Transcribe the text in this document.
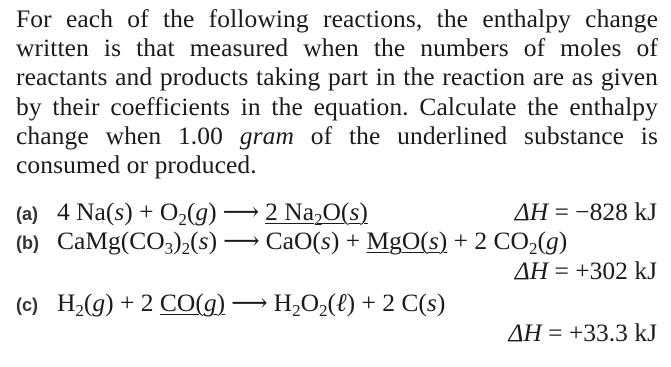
For each of the following reactions, the enthalpy change written is that measured when the numbers of moles of reactants and products taking part in the reaction are as given by their coefficients in the equation. Calculate the enthalpy change when 1.00 gram of the underlined substance is consumed or produced.
(a) 4 $Na(s) + O_2(g)$ ⟶ 2 $Na_2O(s)$	ΔH = −828 kJ
(b) $CaMg(CO_3)_2(s)$ ⟶ CaO(s) + MgO(s) + 2 $CO_2(g)$
ΔH = +302 kJ
(c) $H_2(g) + 2$ CO(g) ⟶ $H_2O_2(\ell) + 2$ C(s)
ΔH = +33.3 kJ
